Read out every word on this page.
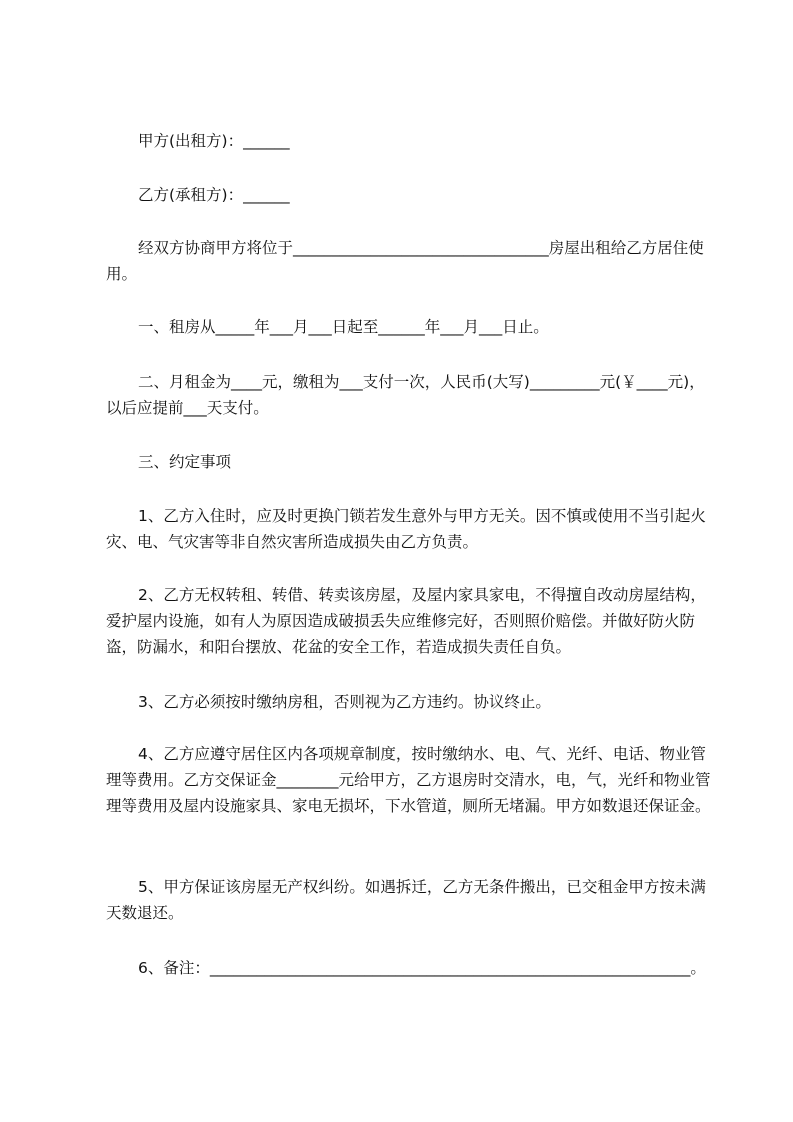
甲方(出租方)：______
乙方(承租方)：______
经双方协商甲方将位于_________________________________房屋出租给乙方居住使用。
一、租房从_____年___月___日起至______年___月___日止。
二、月租金为____元，缴租为___支付一次，人民币(大写)_________元(￥____元)，以后应提前___天支付。
三、约定事项
1、乙方入住时，应及时更换门锁若发生意外与甲方无关。因不慎或使用不当引起火灾、电、气灾害等非自然灾害所造成损失由乙方负责。
2、乙方无权转租、转借、转卖该房屋，及屋内家具家电，不得擅自改动房屋结构，爱护屋内设施，如有人为原因造成破损丢失应维修完好，否则照价赔偿。并做好防火防盗，防漏水，和阳台摆放、花盆的安全工作，若造成损失责任自负。
3、乙方必须按时缴纳房租，否则视为乙方违约。协议终止。
4、乙方应遵守居住区内各项规章制度，按时缴纳水、电、气、光纤、电话、物业管理等费用。乙方交保证金________元给甲方，乙方退房时交清水，电，气，光纤和物业管理等费用及屋内设施家具、家电无损坏，下水管道，厕所无堵漏。甲方如数退还保证金。
5、甲方保证该房屋无产权纠纷。如遇拆迁，乙方无条件搬出，已交租金甲方按未满天数退还。
6、备注：______________________________________________________________。
